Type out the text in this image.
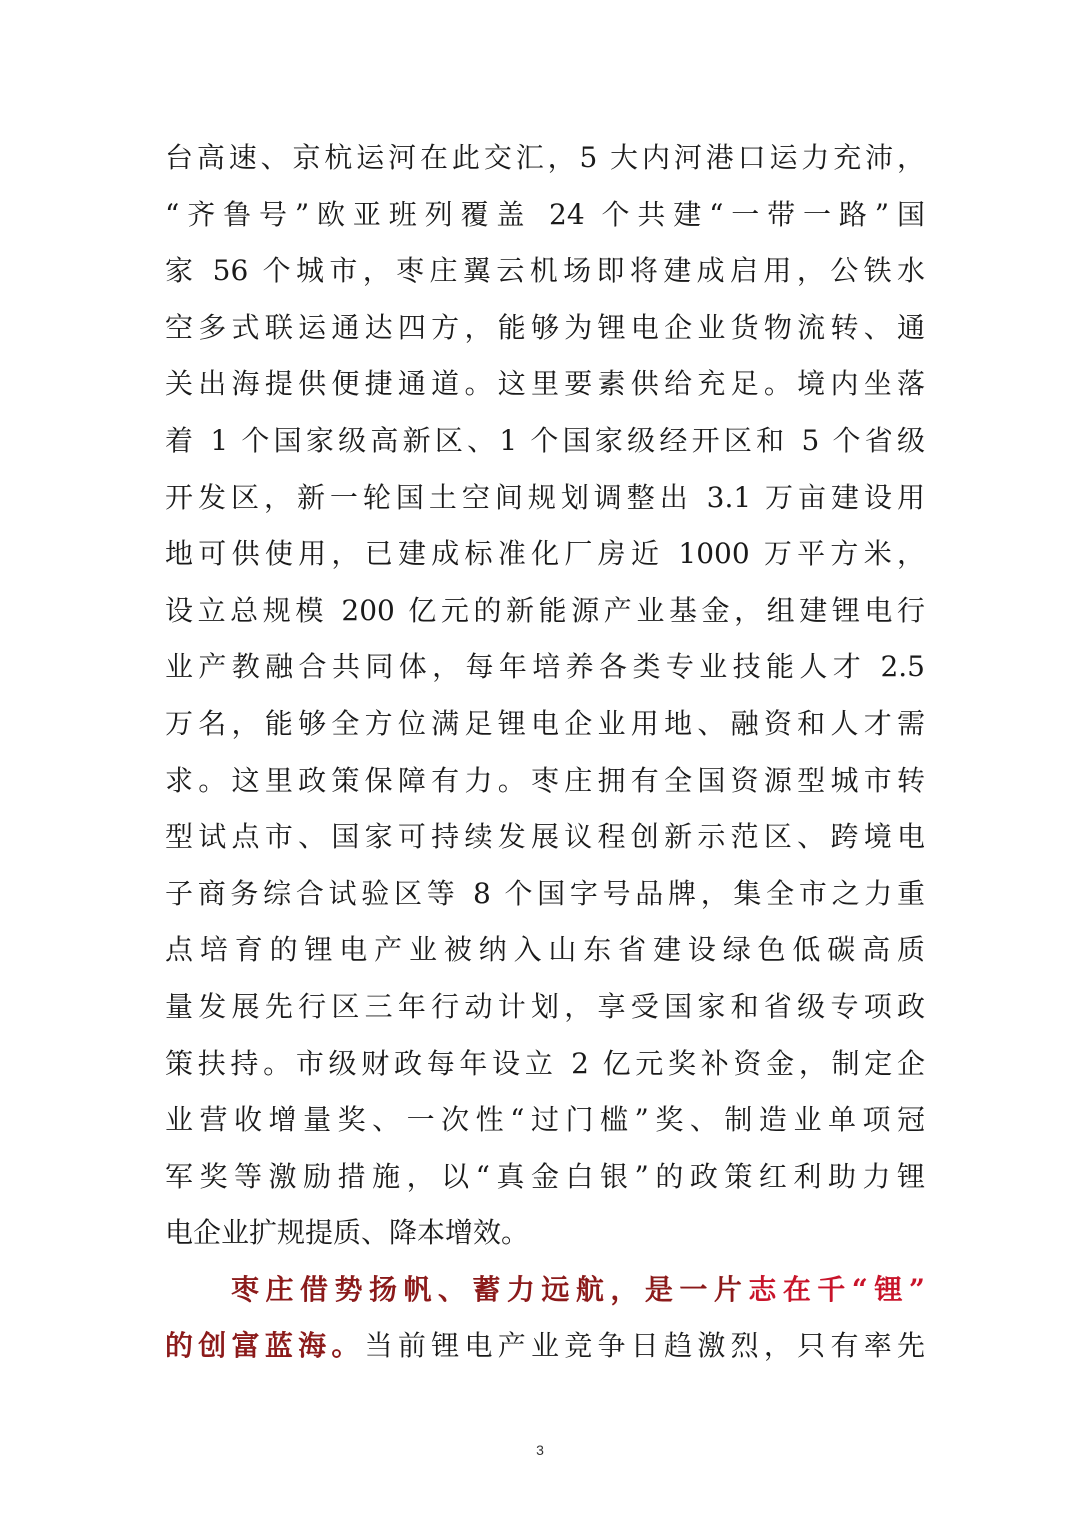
台高速、京杭运河在此交汇，5 大内河港口运力充沛，
“齐鲁号”欧亚班列覆盖 24 个共建“一带一路”国
家 56 个城市，枣庄翼云机场即将建成启用，公铁水
空多式联运通达四方，能够为锂电企业货物流转、通
关出海提供便捷通道。这里要素供给充足。境内坐落
着 1 个国家级高新区、1 个国家级经开区和 5 个省级
开发区，新一轮国土空间规划调整出 3.1 万亩建设用
地可供使用，已建成标准化厂房近 1000 万平方米，
设立总规模 200 亿元的新能源产业基金，组建锂电行
业产教融合共同体，每年培养各类专业技能人才 2.5
万名，能够全方位满足锂电企业用地、融资和人才需
求。这里政策保障有力。枣庄拥有全国资源型城市转
型试点市、国家可持续发展议程创新示范区、跨境电
子商务综合试验区等 8 个国字号品牌，集全市之力重
点培育的锂电产业被纳入山东省建设绿色低碳高质
量发展先行区三年行动计划，享受国家和省级专项政
策扶持。市级财政每年设立 2 亿元奖补资金，制定企
业营收增量奖、一次性“过门槛”奖、制造业单项冠
军奖等激励措施，以“真金白银”的政策红利助力锂
电企业扩规提质、降本增效。
枣庄借势扬帆、蓄力远航，是一片志在千“锂”
的创富蓝海。当前锂电产业竞争日趋激烈，只有率先
3
